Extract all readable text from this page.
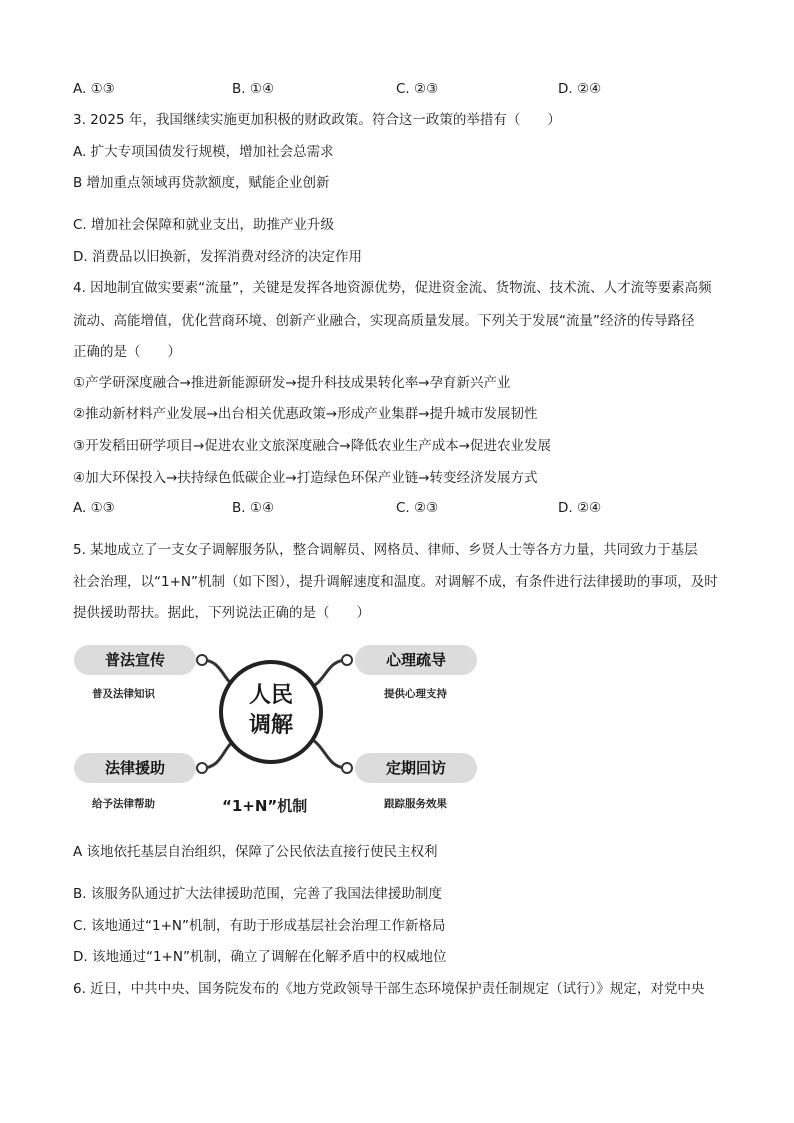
A. ①③	B. ①④	C. ②③	D. ②④
3. 2025 年，我国继续实施更加积极的财政政策。符合这一政策的举措有（　　）
A. 扩大专项国债发行规模，增加社会总需求
B 增加重点领域再贷款额度，赋能企业创新
C. 增加社会保障和就业支出，助推产业升级
D. 消费品以旧换新，发挥消费对经济的决定作用
4. 因地制宜做实要素“流量”，关键是发挥各地资源优势，促进资金流、货物流、技术流、人才流等要素高频
流动、高能增值，优化营商环境、创新产业融合，实现高质量发展。下列关于发展“流量”经济的传导路径
正确的是（　　）
①产学研深度融合→推进新能源研发→提升科技成果转化率→孕育新兴产业
②推动新材料产业发展→出台相关优惠政策→形成产业集群→提升城市发展韧性
③开发稻田研学项目→促进农业文旅深度融合→降低农业生产成本→促进农业发展
④加大环保投入→扶持绿色低碳企业→打造绿色环保产业链→转变经济发展方式
A. ①③	B. ①④	C. ②③	D. ②④
5. 某地成立了一支女子调解服务队，整合调解员、网格员、律师、乡贤人士等各方力量，共同致力于基层
社会治理，以“1+N”机制（如下图），提升调解速度和温度。对调解不成，有条件进行法律援助的事项，及时
提供援助帮扶。据此，下列说法正确的是（　　）
普法宣传
普及法律知识
心理疏导
提供心理支持
法律援助
给予法律帮助
定期回访
跟踪服务效果
人民
调解
“1+N”机制
A 该地依托基层自治组织，保障了公民依法直接行使民主权利
B. 该服务队通过扩大法律援助范围，完善了我国法律援助制度
C. 该地通过“1+N”机制，有助于形成基层社会治理工作新格局
D. 该地通过“1+N”机制，确立了调解在化解矛盾中的权威地位
6. 近日，中共中央、国务院发布的《地方党政领导干部生态环境保护责任制规定（试行）》规定，对党中央
